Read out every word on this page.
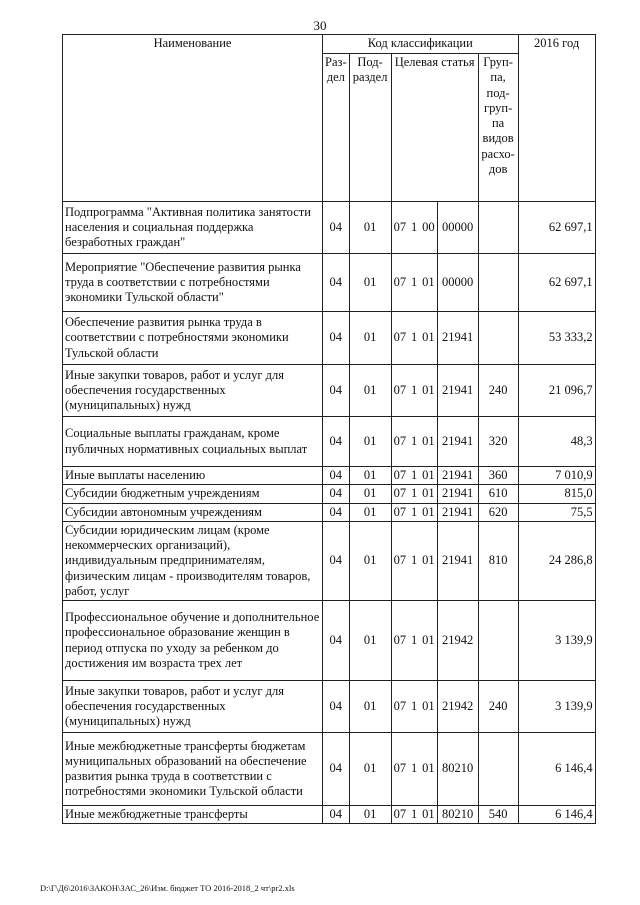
30
Наименование	Код классификации							2016 год
	Раз-дел	Под-раздел	Целевая статья				Груп-па, под-груп-па видов расхо-дов	
Подпрограмма "Активная политика занятости населения и социальная поддержка безработных граждан"	04	01	07	1	00	00000		62 697,1
Мероприятие "Обеспечение развития рынка труда в соответствии с потребностями экономики Тульской области"	04	01	07	1	01	00000		62 697,1
Обеспечение развития рынка труда в соответствии с потребностями экономики Тульской области	04	01	07	1	01	21941		53 333,2
Иные закупки товаров, работ и услуг для обеспечения государственных (муниципальных) нужд	04	01	07	1	01	21941	240	21 096,7
Социальные выплаты гражданам, кроме публичных нормативных социальных выплат	04	01	07	1	01	21941	320	48,3
Иные выплаты населению	04	01	07	1	01	21941	360	7 010,9
Субсидии бюджетным учреждениям	04	01	07	1	01	21941	610	815,0
Субсидии автономным учреждениям	04	01	07	1	01	21941	620	75,5
Субсидии юридическим лицам (кроме некоммерческих организаций), индивидуальным предпринимателям, физическим лицам - производителям товаров, работ, услуг	04	01	07	1	01	21941	810	24 286,8
Профессиональное обучение и дополнительное профессиональное образование женщин в период отпуска по уходу за ребенком до достижения им возраста трех лет	04	01	07	1	01	21942		3 139,9
Иные закупки товаров, работ и услуг для обеспечения государственных (муниципальных) нужд	04	01	07	1	01	21942	240	3 139,9
Иные межбюджетные трансферты бюджетам муниципальных образований на обеспечение развития рынка труда в соответствии с потребностями экономики Тульской области	04	01	07	1	01	80210		6 146,4
Иные межбюджетные трансферты	04	01	07	1	01	80210	540	6 146,4
D:\Г\Д6\2016\ЗАКОН\ЗАС_26\Изм. бюджет ТО 2016-2018_2 чт\pr2.xls
